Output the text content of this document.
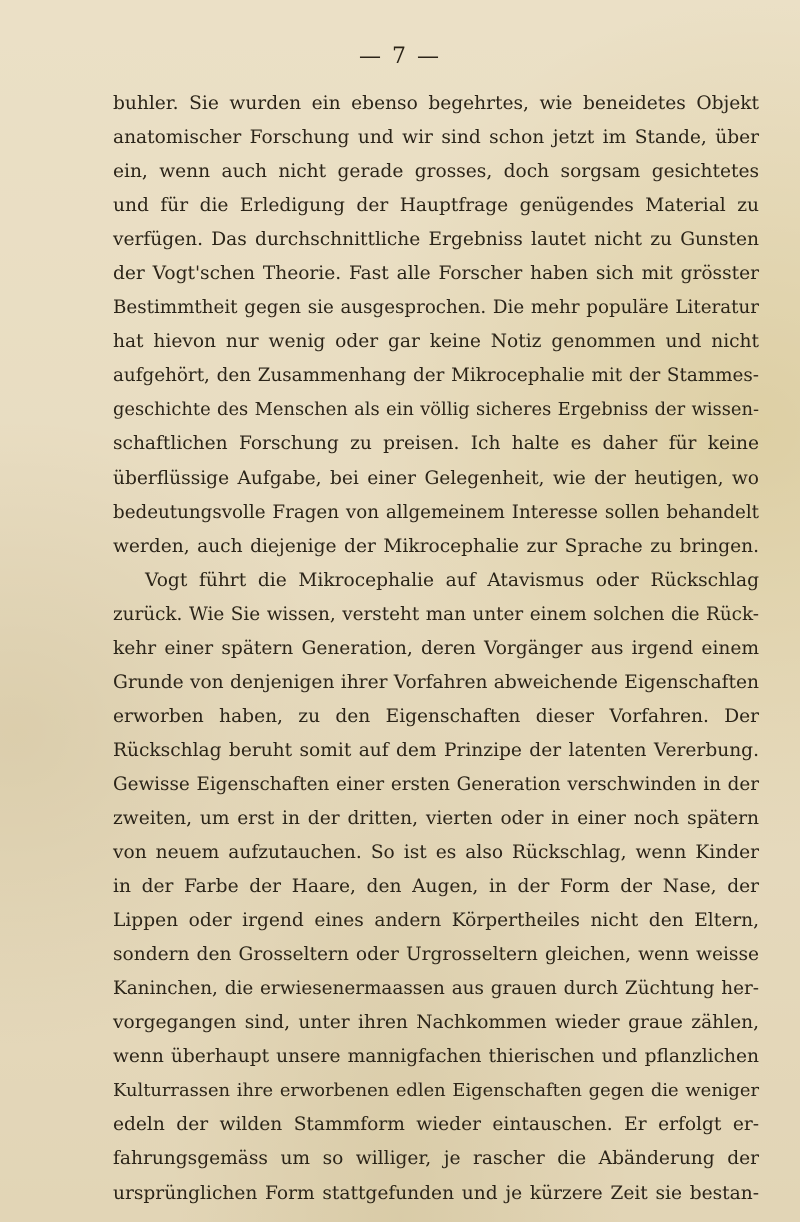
— 7 —
buhler. Sie wurden ein ebenso begehrtes, wie beneidetes Objekt
anatomischer Forschung und wir sind schon jetzt im Stande, über
ein, wenn auch nicht gerade grosses, doch sorgsam gesichtetes
und für die Erledigung der Hauptfrage genügendes Material zu
verfügen. Das durchschnittliche Ergebniss lautet nicht zu Gunsten
der Vogt'schen Theorie. Fast alle Forscher haben sich mit grösster
Bestimmtheit gegen sie ausgesprochen. Die mehr populäre Literatur
hat hievon nur wenig oder gar keine Notiz genommen und nicht
aufgehört, den Zusammenhang der Mikrocephalie mit der Stammes-
geschichte des Menschen als ein völlig sicheres Ergebniss der wissen-
schaftlichen Forschung zu preisen. Ich halte es daher für keine
überflüssige Aufgabe, bei einer Gelegenheit, wie der heutigen, wo
bedeutungsvolle Fragen von allgemeinem Interesse sollen behandelt
werden, auch diejenige der Mikrocephalie zur Sprache zu bringen.
Vogt führt die Mikrocephalie auf Atavismus oder Rückschlag
zurück. Wie Sie wissen, versteht man unter einem solchen die Rück-
kehr einer spätern Generation, deren Vorgänger aus irgend einem
Grunde von denjenigen ihrer Vorfahren abweichende Eigenschaften
erworben haben, zu den Eigenschaften dieser Vorfahren. Der
Rückschlag beruht somit auf dem Prinzipe der latenten Vererbung.
Gewisse Eigenschaften einer ersten Generation verschwinden in der
zweiten, um erst in der dritten, vierten oder in einer noch spätern
von neuem aufzutauchen. So ist es also Rückschlag, wenn Kinder
in der Farbe der Haare, den Augen, in der Form der Nase, der
Lippen oder irgend eines andern Körpertheiles nicht den Eltern,
sondern den Grosseltern oder Urgrosseltern gleichen, wenn weisse
Kaninchen, die erwiesenermaassen aus grauen durch Züchtung her-
vorgegangen sind, unter ihren Nachkommen wieder graue zählen,
wenn überhaupt unsere mannigfachen thierischen und pflanzlichen
Kulturrassen ihre erworbenen edlen Eigenschaften gegen die weniger
edeln der wilden Stammform wieder eintauschen. Er erfolgt er-
fahrungsgemäss um so williger, je rascher die Abänderung der
ursprünglichen Form stattgefunden und je kürzere Zeit sie bestan-
